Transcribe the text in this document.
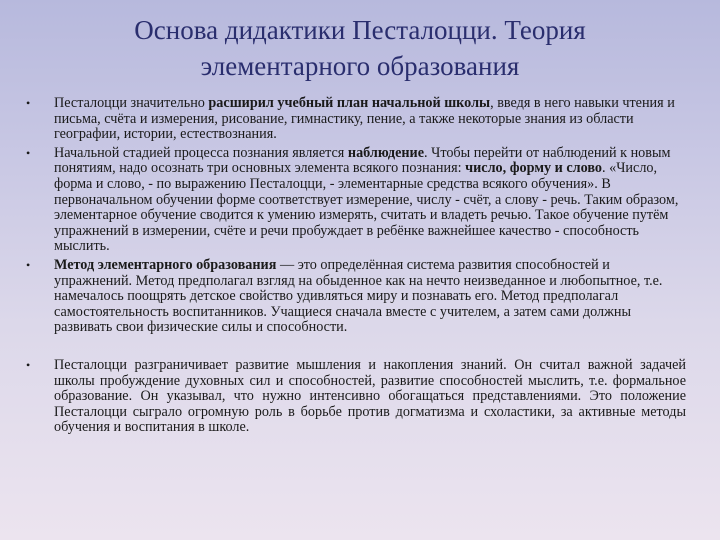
Основа дидактики Песталоцци. Теория
элементарного образования
• Песталоцци значительно расширил учебный план начальной школы, введя в него навыки чтения и письма, счёта и измерения, рисование, гимнастику, пение, а также некоторые знания из области географии, истории, естествознания.
• Начальной стадией процесса познания является наблюдение. Чтобы перейти от наблюдений к новым понятиям, надо осознать три основных элемента всякого познания: число, форму и слово. «Число, форма и слово, - по выражению Песталоцци, - элементарные средства всякого обучения». В первоначальном обучении форме соответствует измерение, числу - счёт, а слову - речь. Таким образом, элементарное обучение сводится к умению измерять, считать и владеть речью. Такое обучение путём упражнений в измерении, счёте и речи пробуждает в ребёнке важнейшее качество - способность мыслить.
• Метод элементарного образования — это определённая система развития способностей и упражнений. Метод предполагал взгляд на обыденное как на нечто неизведанное и любопытное, т.е. намечалось поощрять детское свойство удивляться миру и познавать его. Метод предполагал самостоятельность воспитанников. Учащиеся сначала вместе с учителем, а затем сами должны развивать свои физические силы и способности.
• Песталоцци разграничивает развитие мышления и накопления знаний. Он считал важной задачей школы пробуждение духовных сил и способностей, развитие способностей мыслить, т.е. формальное образование. Он указывал, что нужно интенсивно обогащаться представлениями. Это положение Песталоцци сыграло огромную роль в борьбе против догматизма и схоластики, за активные методы обучения и воспитания в школе.
